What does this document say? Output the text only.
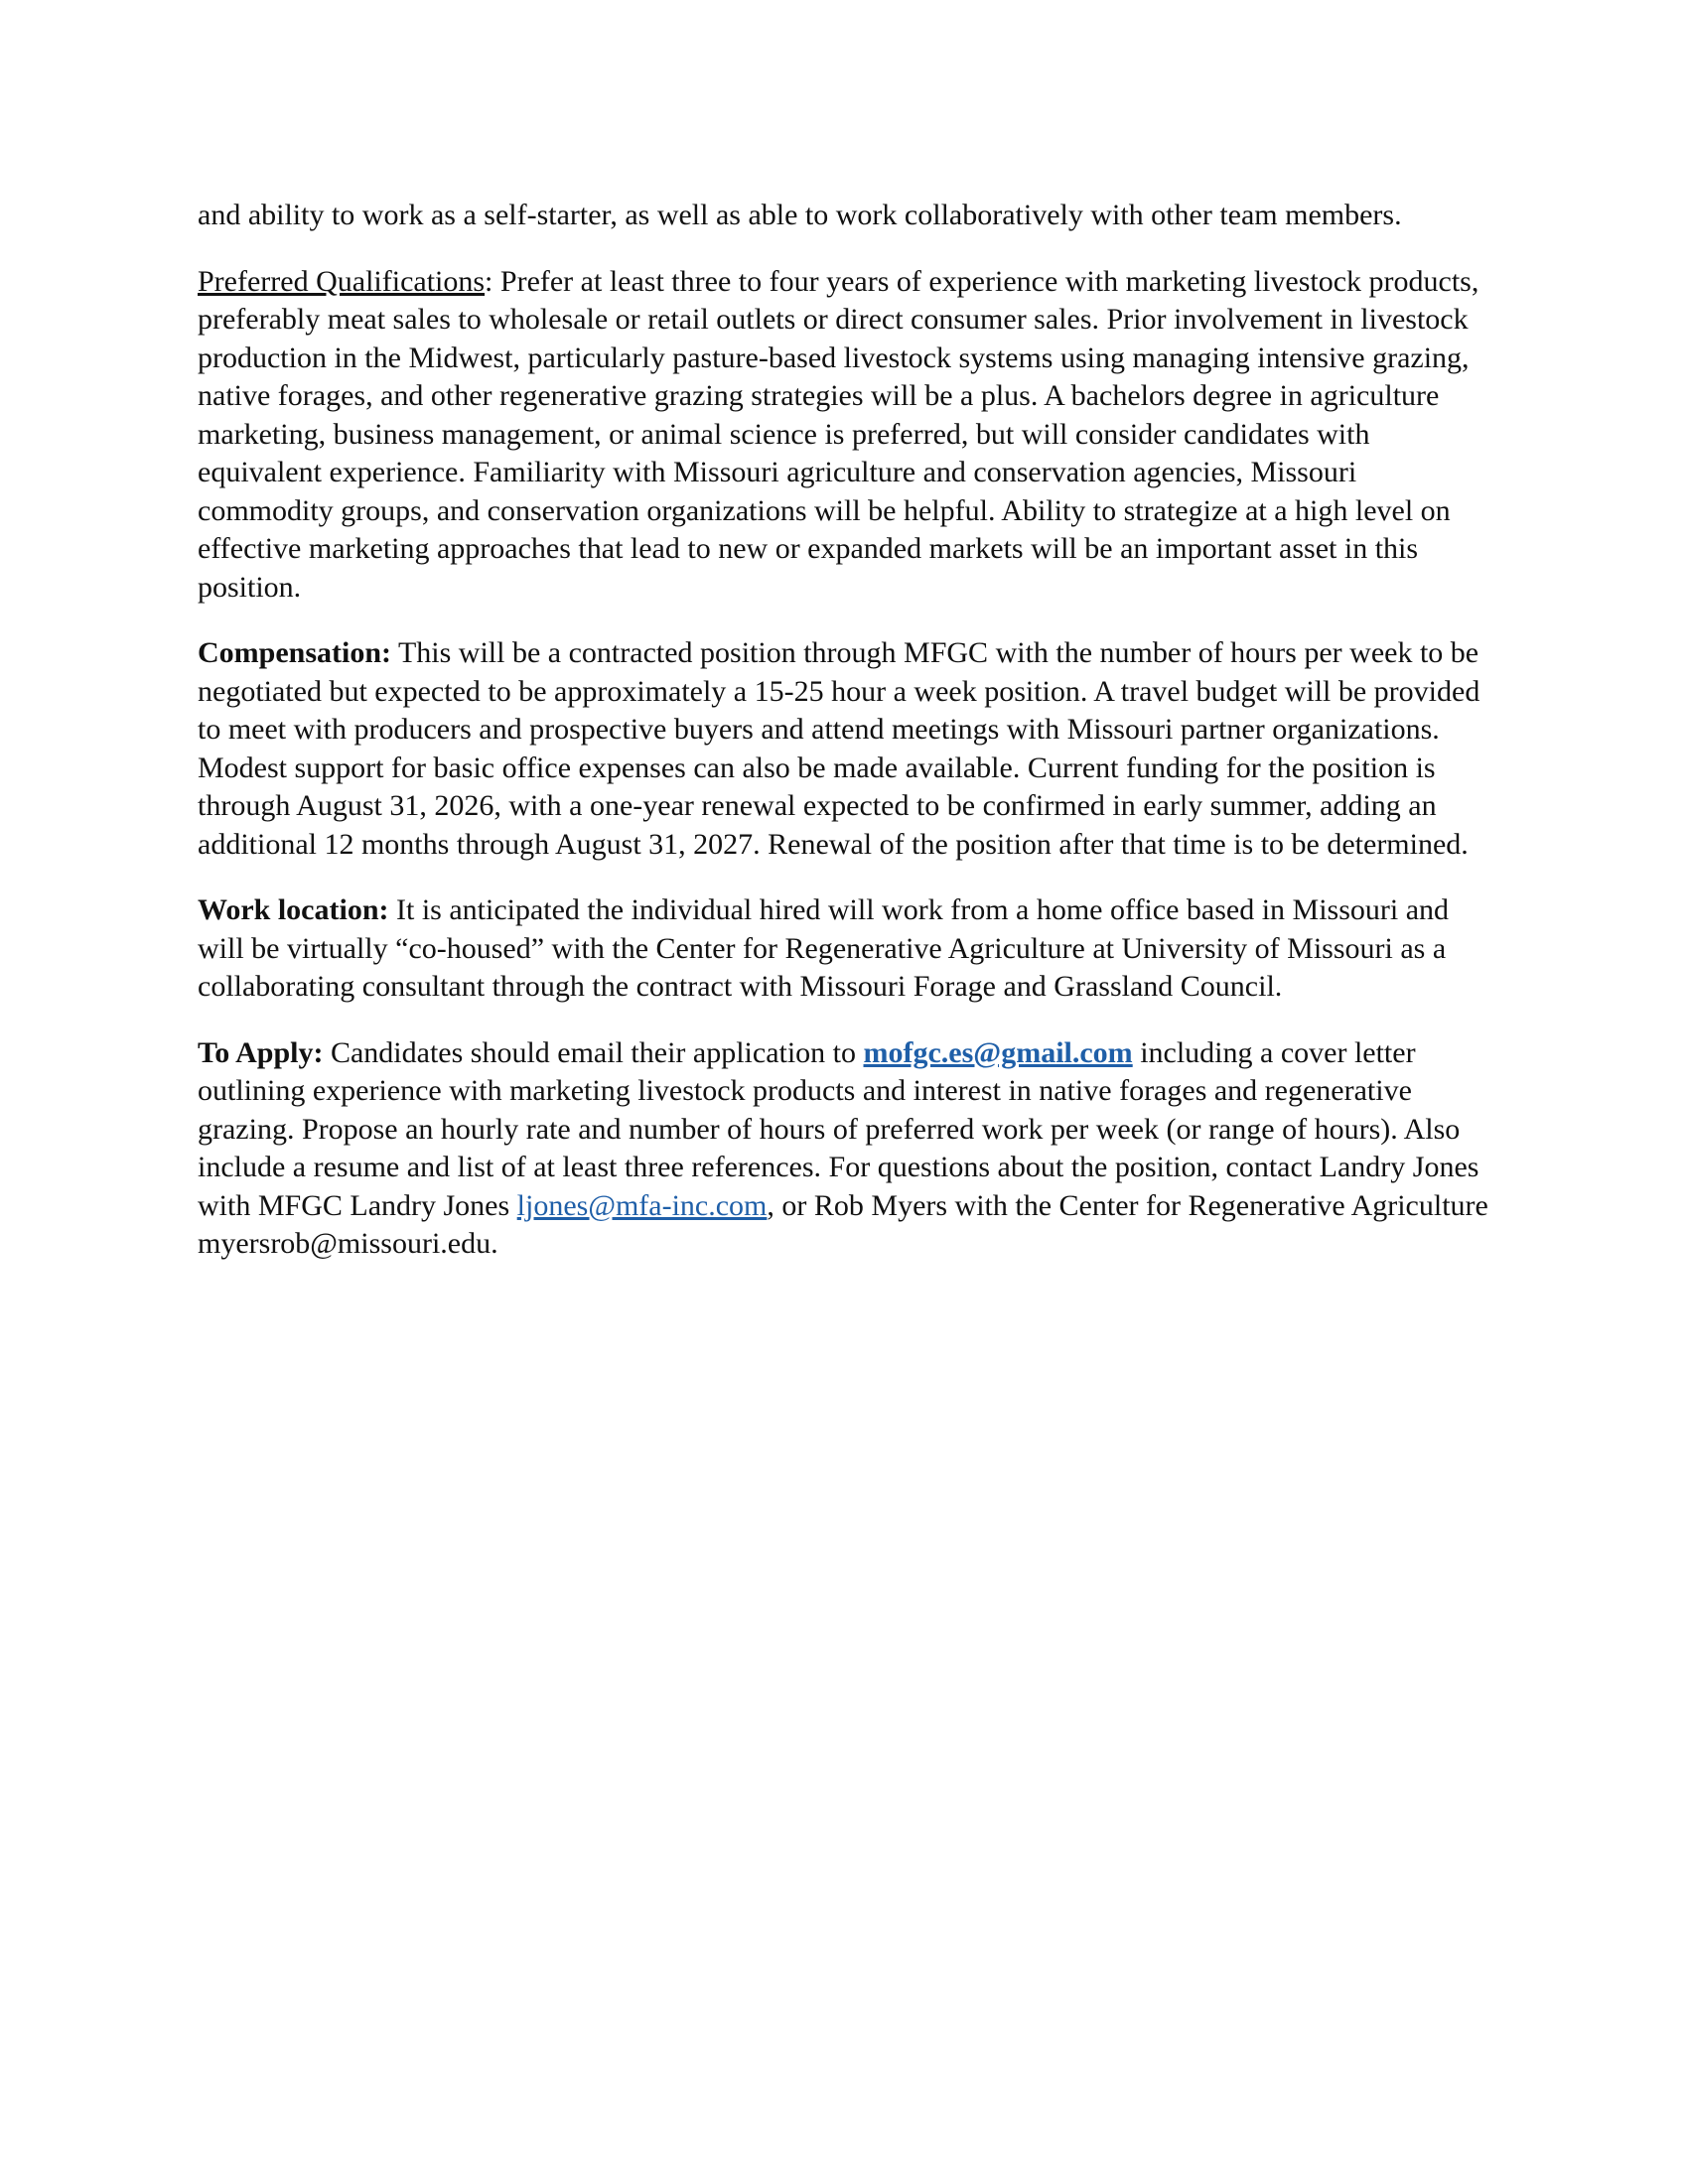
and ability to work as a self-starter, as well as able to work collaboratively with other team members.

Preferred Qualifications: Prefer at least three to four years of experience with marketing livestock products, preferably meat sales to wholesale or retail outlets or direct consumer sales. Prior involvement in livestock production in the Midwest, particularly pasture-based livestock systems using managing intensive grazing, native forages, and other regenerative grazing strategies will be a plus. A bachelors degree in agriculture marketing, business management, or animal science is preferred, but will consider candidates with equivalent experience. Familiarity with Missouri agriculture and conservation agencies, Missouri commodity groups, and conservation organizations will be helpful. Ability to strategize at a high level on effective marketing approaches that lead to new or expanded markets will be an important asset in this position.

Compensation: This will be a contracted position through MFGC with the number of hours per week to be negotiated but expected to be approximately a 15-25 hour a week position. A travel budget will be provided to meet with producers and prospective buyers and attend meetings with Missouri partner organizations. Modest support for basic office expenses can also be made available. Current funding for the position is through August 31, 2026, with a one-year renewal expected to be confirmed in early summer, adding an additional 12 months through August 31, 2027. Renewal of the position after that time is to be determined.

Work location: It is anticipated the individual hired will work from a home office based in Missouri and will be virtually “co-housed” with the Center for Regenerative Agriculture at University of Missouri as a collaborating consultant through the contract with Missouri Forage and Grassland Council.

To Apply: Candidates should email their application to mofgc.es@gmail.com including a cover letter outlining experience with marketing livestock products and interest in native forages and regenerative grazing. Propose an hourly rate and number of hours of preferred work per week (or range of hours). Also include a resume and list of at least three references. For questions about the position, contact Landry Jones with MFGC Landry Jones ljones@mfa-inc.com, or Rob Myers with the Center for Regenerative Agriculture myersrob@missouri.edu.
